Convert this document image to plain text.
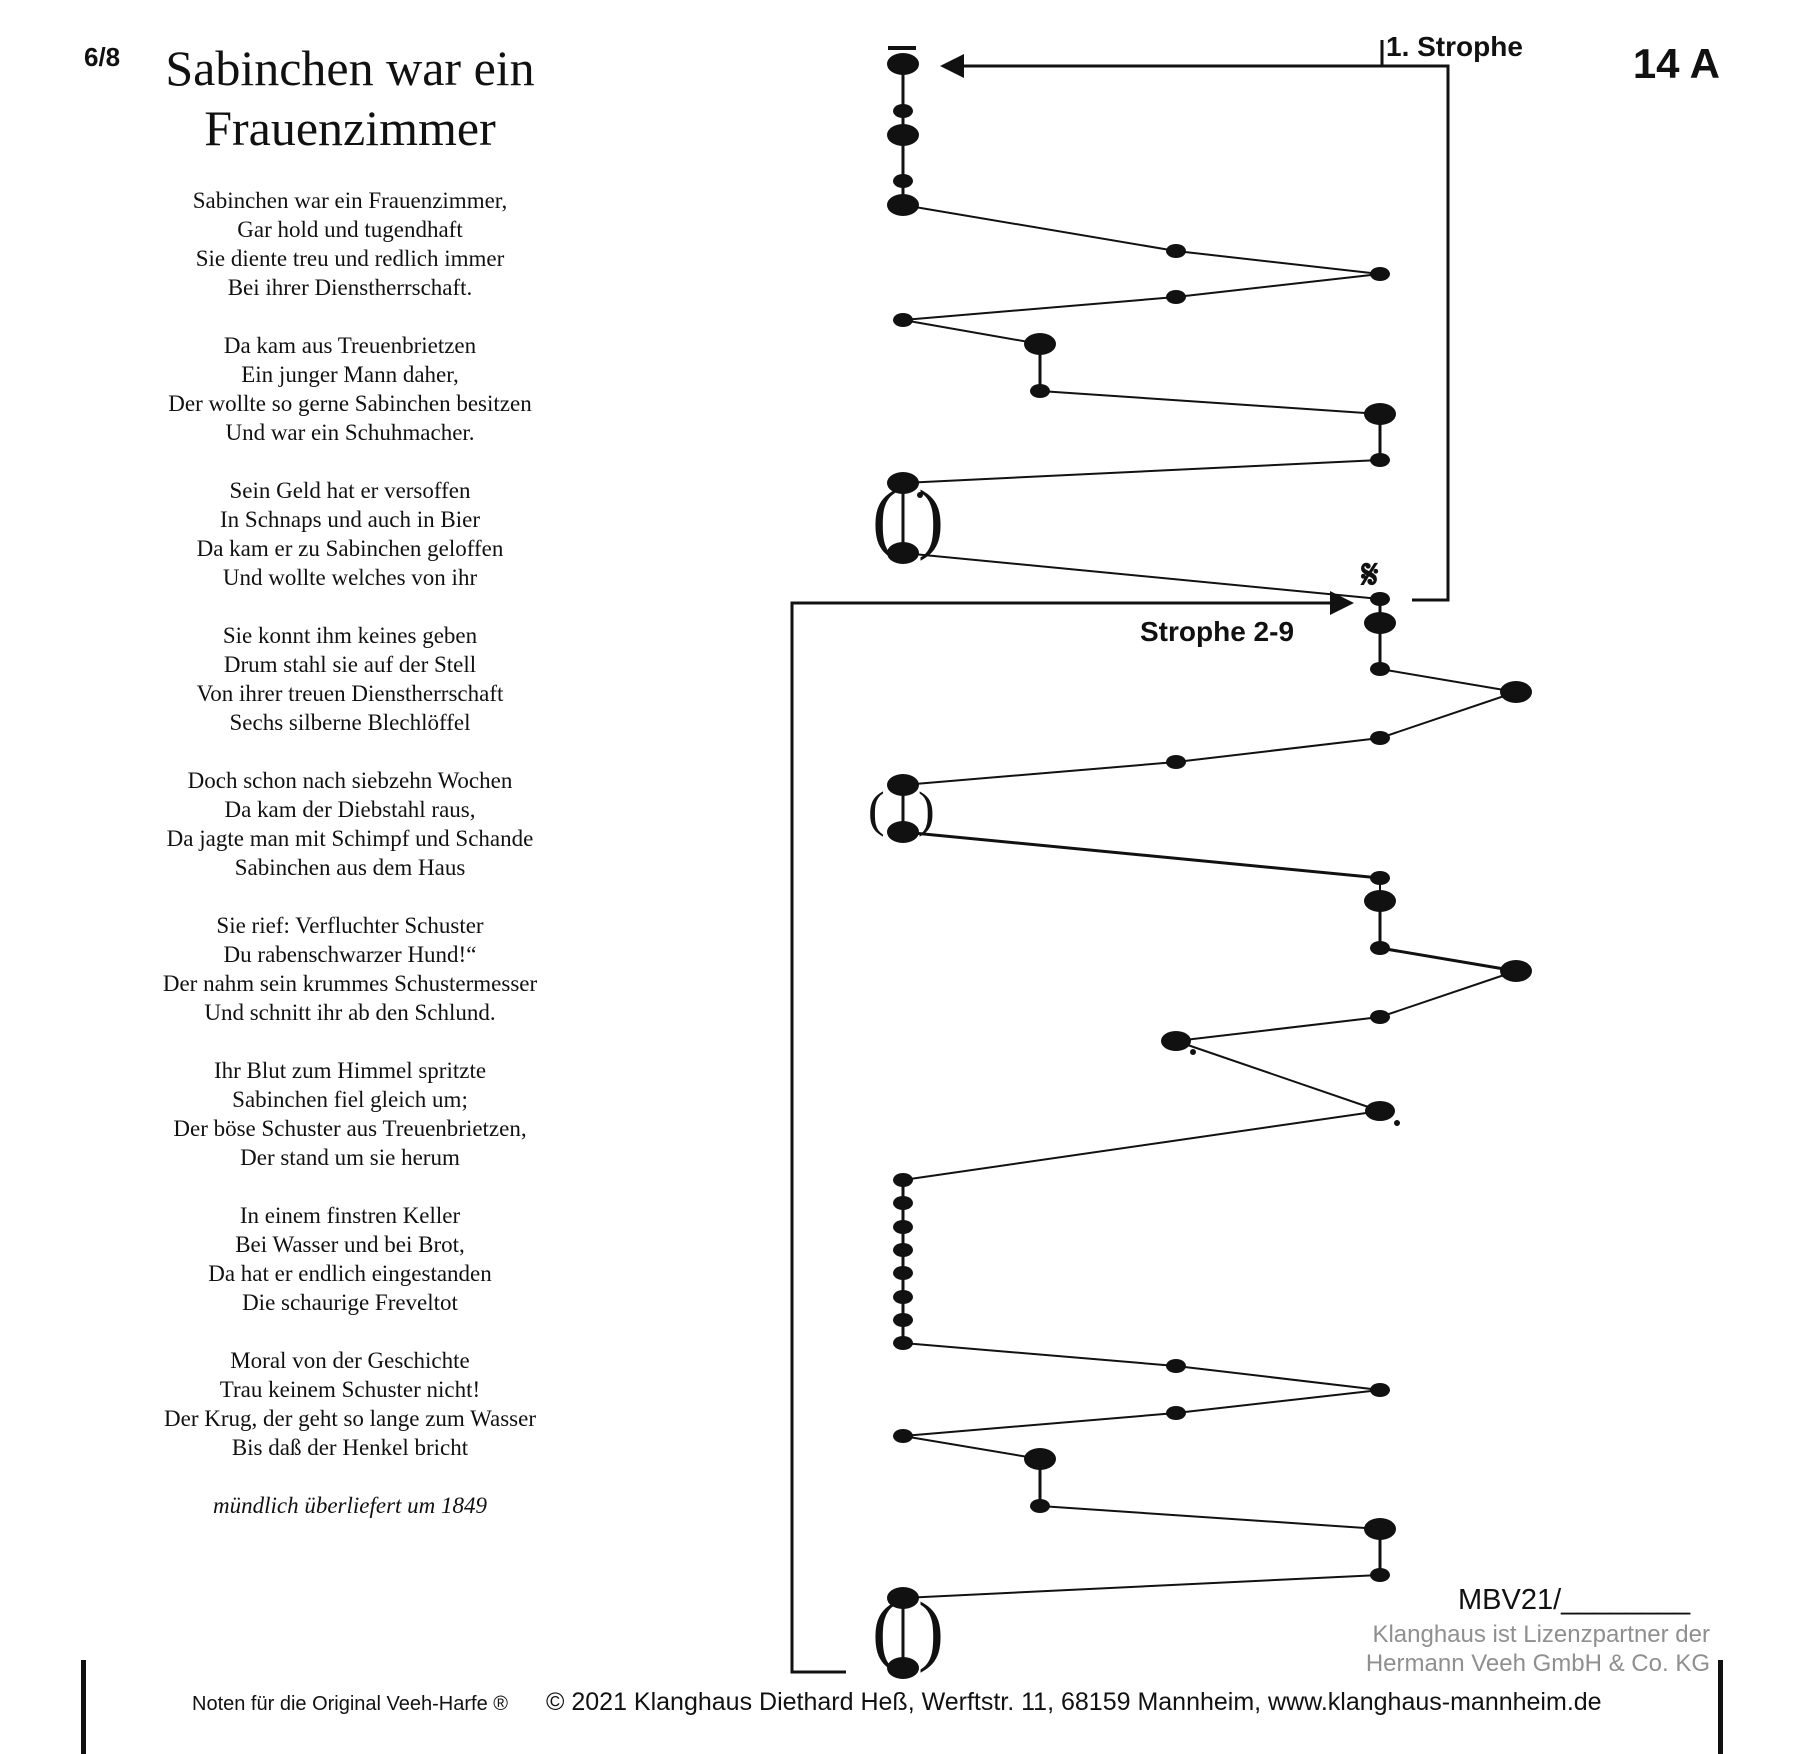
6/8 Sabinchen war ein
Frauenzimmer
14 A
Sabinchen war ein Frauenzimmer,
Gar hold und tugendhaft
Sie diente treu und redlich immer
Bei ihrer Dienstherrschaft.
Da kam aus Treuenbrietzen
Ein junger Mann daher,
Der wollte so gerne Sabinchen besitzen
Und war ein Schuhmacher.
Sein Geld hat er versoffen
In Schnaps und auch in Bier
Da kam er zu Sabinchen geloffen
Und wollte welches von ihr
Sie konnt ihm keines geben
Drum stahl sie auf der Stell
Von ihrer treuen Dienstherrschaft
Sechs silberne Blechlöffel
Doch schon nach siebzehn Wochen
Da kam der Diebstahl raus,
Da jagte man mit Schimpf und Schande
Sabinchen aus dem Haus
Sie rief: Verfluchter Schuster
Du rabenschwarzer Hund!“
Der nahm sein krummes Schustermesser
Und schnitt ihr ab den Schlund.
Ihr Blut zum Himmel spritzte
Sabinchen fiel gleich um;
Der böse Schuster aus Treuenbrietzen,
Der stand um sie herum
In einem finstren Keller
Bei Wasser und bei Brot,
Da hat er endlich eingestanden
Die schaurige Freveltot
Moral von der Geschichte
Trau keinem Schuster nicht!
Der Krug, der geht so lange zum Wasser
Bis daß der Henkel bricht
mündlich überliefert um 1849
𝄋
( )
( )
( )
1. Strophe
Strophe 2-9
MBV21/________
Klanghaus ist Lizenzpartner der
Hermann Veeh GmbH & Co. KG
Noten für die Original Veeh-Harfe ® © 2021 Klanghaus Diethard Heß, Werftstr. 11, 68159 Mannheim, www.klanghaus-mannheim.de
